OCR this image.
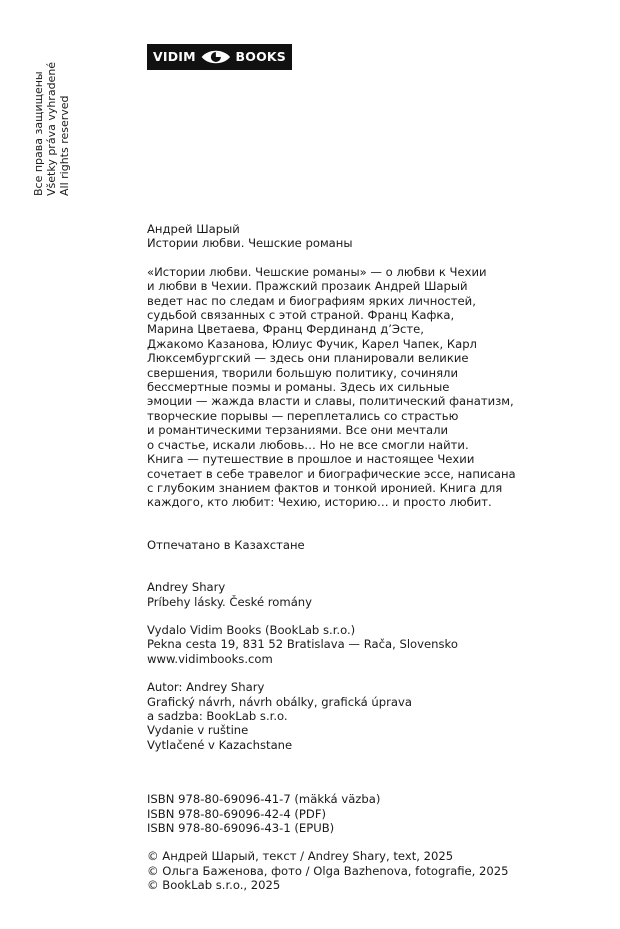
Все права защищены Všetky práva vyhradené All rights reserved
VIDIM	BOOKS

Андрей Шарый

Истории любви. Чешские романы

«Истории любви. Чешские романы» — о любви к Чехии

и любви в Чехии. Пражский прозаик Андрей Шарый

ведет нас по следам и биографиям ярких личностей,

судьбой связанных с этой страной. Франц Кафка,

Марина Цветаева, Франц Фердинанд д’Эсте,

Джакомо Казанова, Юлиус Фучик, Карел Чапек, Карл

Люксембургский — здесь они планировали великие

свершения, творили большую политику, сочиняли

бессмертные поэмы и романы. Здесь их сильные

эмоции — жажда власти и славы, политический фанатизм,

творческие порывы — переплетались со страстью

и романтическими терзаниями. Все они мечтали

о счастье, искали любовь… Но не все смогли найти.

Книга — путешествие в прошлое и настоящее Чехии

сочетает в себе травелог и биографические эссе, написана

с глубоким знанием фактов и тонкой иронией. Книга для

каждого, кто любит: Чехию, историю… и просто любит.

Отпечатано в Казахстане

Andrey Shary

Príbehy lásky. České romány

Vydalo Vidim Books (BookLab s.r.o.)

Pekna cesta 19, 831 52 Bratislava — Rača, Slovensko

www.vidimbooks.com

Autor: Andrey Shary

Grafický návrh, návrh obálky, grafická úprava

a sadzba: BookLab s.r.o.

Vydanie v ruštine

Vytlačené v Kazachstane

ISBN 978-80-69096-41-7 (mäkká väzba)

ISBN 978-80-69096-42-4 (PDF)

ISBN 978-80-69096-43-1 (EPUB)

© Андрей Шарый, текст / Andrey Shary, text, 2025

© Ольга Баженова, фото / Olga Bazhenova, fotografie, 2025

© BookLab s.r.o., 2025
